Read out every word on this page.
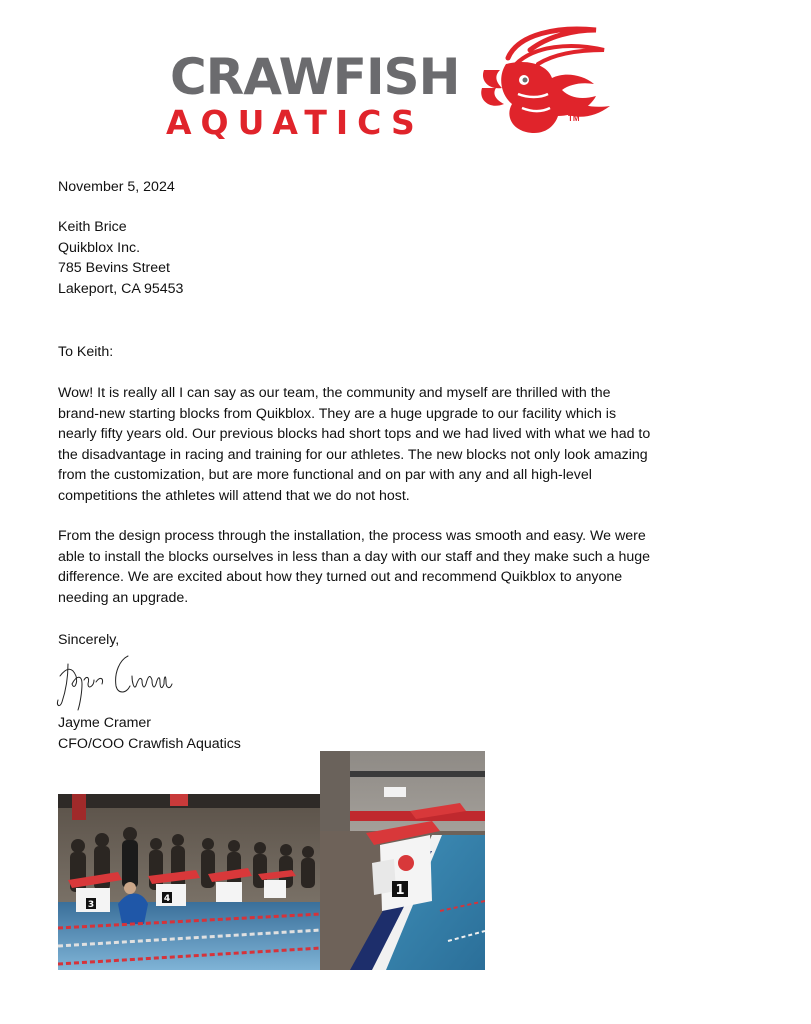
CRAWFISH
AQUATICS	TM
November 5, 2024
Keith Brice
Quikblox Inc.
785 Bevins Street
Lakeport, CA 95453
To Keith:
Wow! It is really all I can say as our team, the community and myself are thrilled with the
brand-new starting blocks from Quikblox. They are a huge upgrade to our facility which is
nearly fifty years old. Our previous blocks had short tops and we had lived with what we had to
the disadvantage in racing and training for our athletes. The new blocks not only look amazing
from the customization, but are more functional and on par with any and all high-level
competitions the athletes will attend that we do not host.
From the design process through the installation, the process was smooth and easy. We were
able to install the blocks ourselves in less than a day with our staff and they make such a huge
difference. We are excited about how they turned out and recommend Quikblox to anyone
needing an upgrade.
Sincerely,
Jayme Cramer
CFO/COO Crawfish Aquatics
3
4
1
